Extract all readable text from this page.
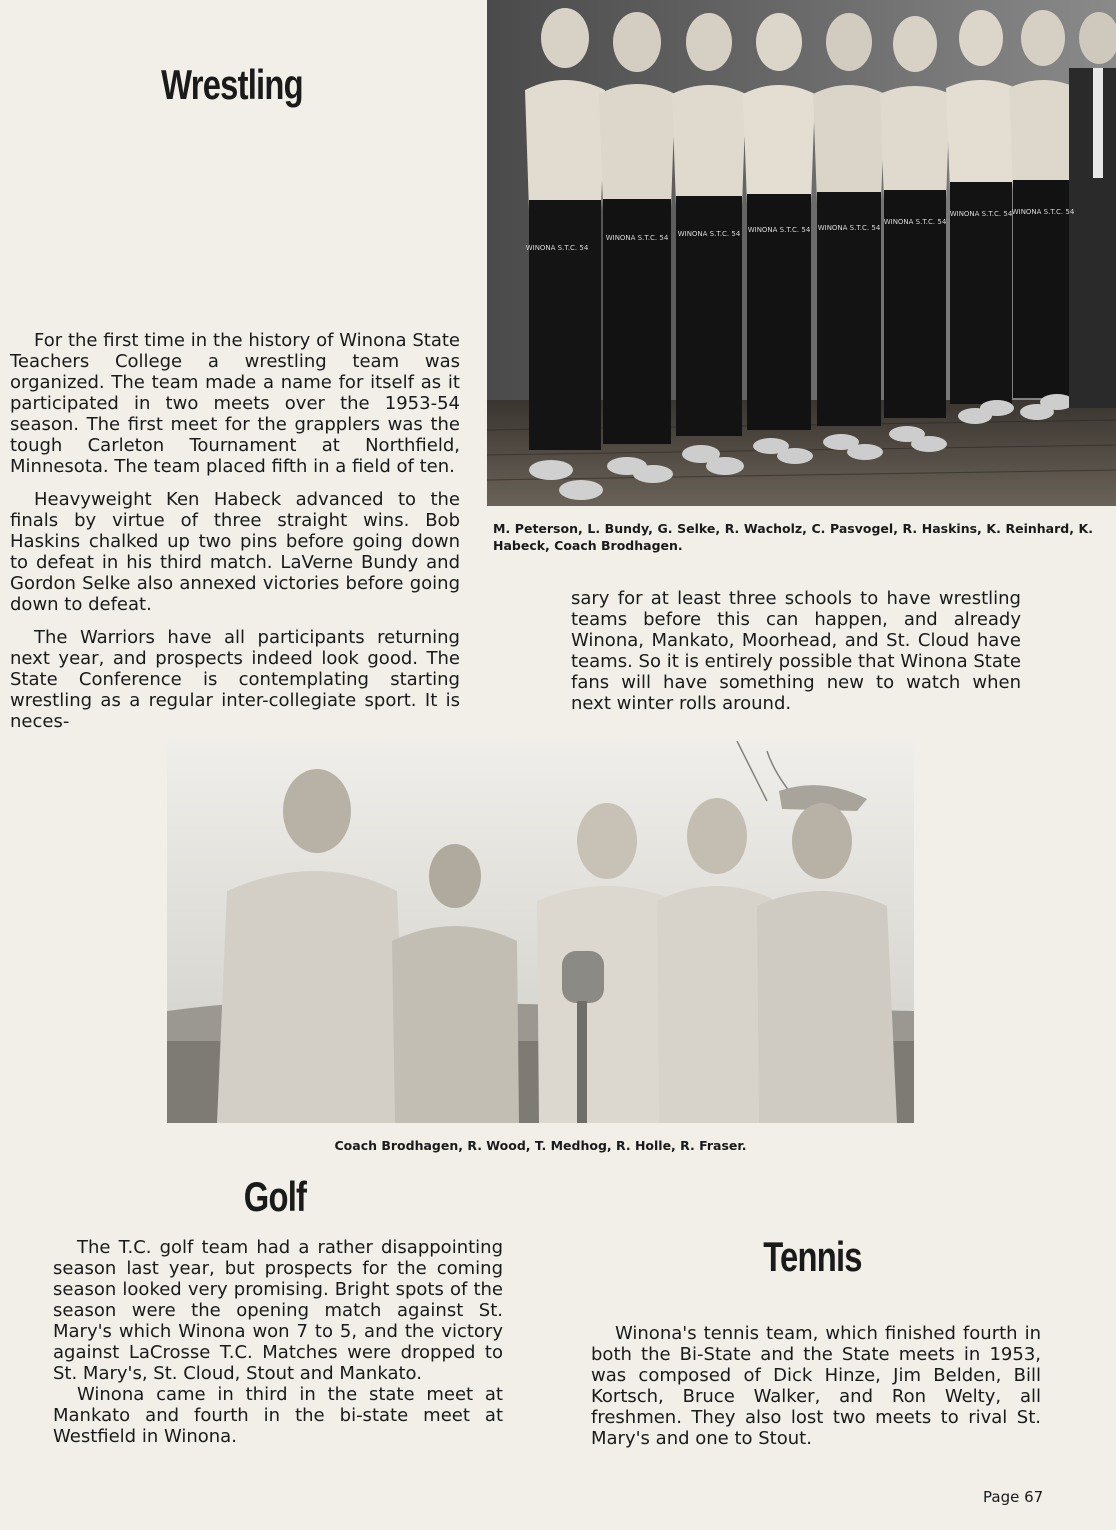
Wrestling

For the first time in the history of Winona State Teachers College a wrestling team was organized. The team made a name for itself as it participated in two meets over the 1953-54 season. The first meet for the grapplers was the tough Carleton Tournament at Northfield, Minnesota. The team placed fifth in a field of ten.

Heavyweight Ken Habeck advanced to the finals by virtue of three straight wins. Bob Haskins chalked up two pins before going down to defeat in his third match. LaVerne Bundy and Gordon Selke also annexed victories before going down to defeat.

The Warriors have all participants returning next year, and prospects indeed look good. The State Conference is contemplating starting wrestling as a regular inter-collegiate sport. It is neces-

WINONA S.T.C. 54
WINONA S.T.C. 54 WINONA S.T.C. 54 WINONA S.T.C. 54 WINONA S.T.C. 54
WINONA S.T.C. 54
WINONA S.T.C. 54 WINONA S.T.C. 54
M. Peterson, L. Bundy, G. Selke, R. Wacholz, C. Pasvogel, R. Haskins, K. Reinhard, K. Habeck, Coach Brodhagen.

sary for at least three schools to have wrestling teams before this can happen, and already Winona, Mankato, Moorhead, and St. Cloud have teams. So it is entirely possible that Winona State fans will have something new to watch when next winter rolls around.

Coach Brodhagen, R. Wood, T. Medhog, R. Holle, R. Fraser.
Golf

The T.C. golf team had a rather disappointing season last year, but prospects for the coming season looked very promising. Bright spots of the season were the opening match against St. Mary's which Winona won 7 to 5, and the victory against LaCrosse T.C. Matches were dropped to St. Mary's, St. Cloud, Stout and Mankato.

Winona came in third in the state meet at Mankato and fourth in the bi-state meet at Westfield in Winona.

Tennis

Winona's tennis team, which finished fourth in both the Bi-State and the State meets in 1953, was composed of Dick Hinze, Jim Belden, Bill Kortsch, Bruce Walker, and Ron Welty, all freshmen. They also lost two meets to rival St. Mary's and one to Stout.

Page 67
